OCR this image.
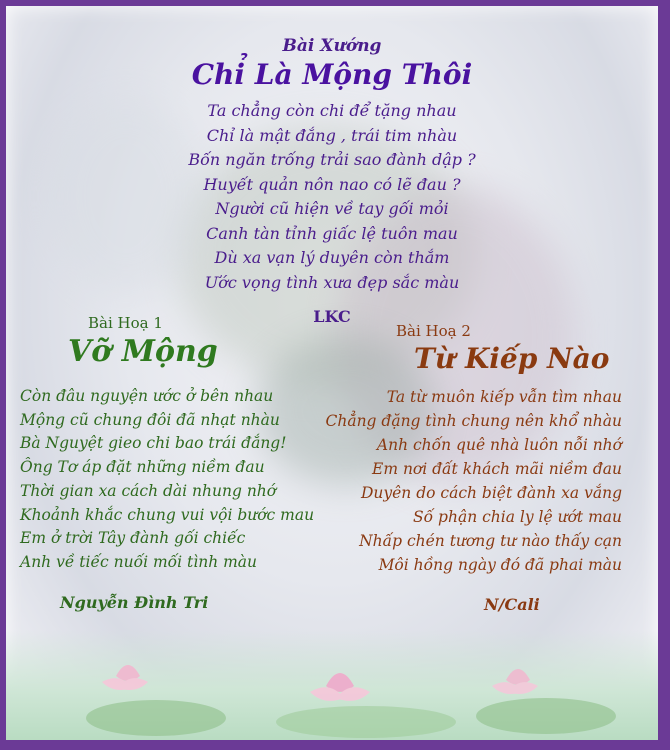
Bài Xướng
Chỉ Là Mộng Thôi
Ta chẳng còn chi để tặng nhau
Chỉ là mật đắng , trái tim nhàu
Bốn ngăn trống trải sao đành dập ?
Huyết quản nôn nao có lẽ đau ?
Người cũ hiện về tay gối mỏi
Canh tàn tỉnh giấc lệ tuôn mau
Dù xa vạn lý duyên còn thắm
Ước vọng tình xưa đẹp sắc màu
LKC
Bài Hoạ 1
Vỡ Mộng
Còn đâu nguyện ước ở bên nhau
Mộng cũ chung đôi đã nhạt nhàu
Bà Nguyệt gieo chi bao trái đắng!
Ông Tơ áp đặt những niềm đau
Thời gian xa cách dài nhung nhớ
Khoảnh khắc chung vui vội bước mau
Em ở trời Tây đành gối chiếc
Anh về tiếc nuối mối tình màu
Nguyễn Đình Tri
Bài Hoạ 2
Từ Kiếp Nào
Ta từ muôn kiếp vẫn tìm nhau
Chẳng đặng tình chung nên khổ nhàu
Anh chốn quê nhà luôn nỗi nhớ
Em nơi đất khách mãi niềm đau
Duyên do cách biệt đành xa vắng
Số phận chia ly lệ ướt mau
Nhấp chén tương tư nào thấy cạn
Môi hồng ngày đó đã phai màu
N/Cali
